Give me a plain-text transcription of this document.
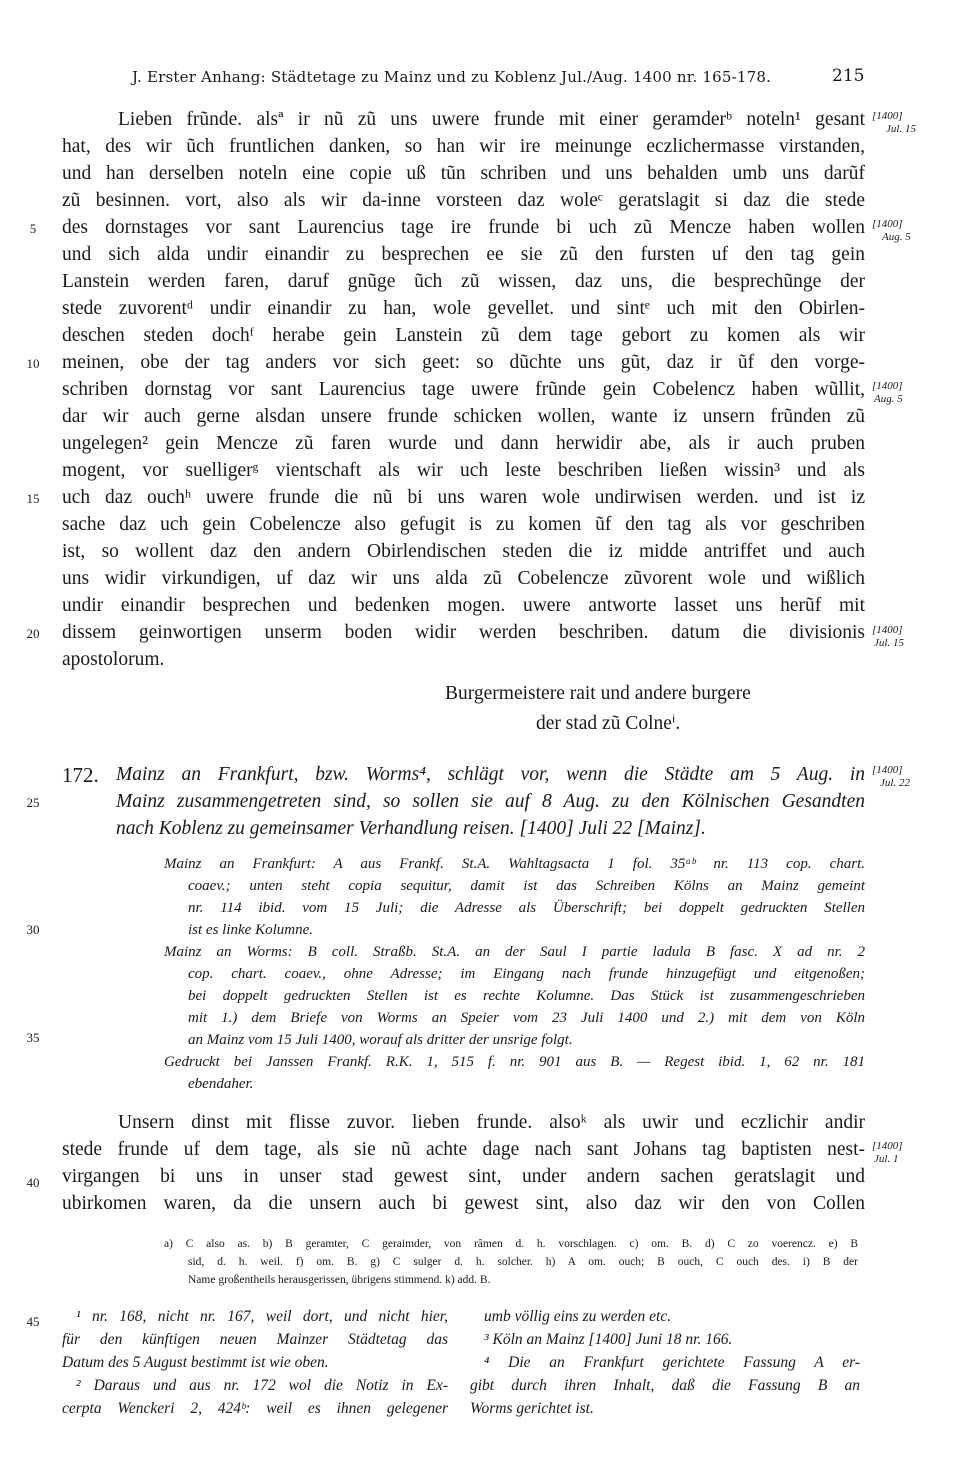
J. Erster Anhang: Städtetage zu Mainz und zu Koblenz Jul./Aug. 1400 nr. 165-178.	215
Lieben frũnde. alsª ir nũ zũ uns uwere frunde mit einer geramderᵇ noteln¹ gesant
hat, des wir ũch fruntlichen danken, so han wir ire meinunge eczlichermasse virstanden,
und han derselben noteln eine copie uß tũn schriben und uns behalden umb uns darũf
zũ besinnen. vort, also als wir da-inne vorsteen daz woleᶜ geratslagit si daz die stede
des dornstages vor sant Laurencius tage ire frunde bi uch zũ Mencze haben wollen
und sich alda undir einandir zu besprechen ee sie zũ den fursten uf den tag gein
Lanstein werden faren, daruf gnũge ũch zũ wissen, daz uns, die besprechũnge der
stede zuvorentᵈ undir einandir zu han, wole gevellet. und sintᵉ uch mit den Obirlen-
deschen steden dochᶠ herabe gein Lanstein zũ dem tage gebort zu komen als wir
meinen, obe der tag anders vor sich geet: so dũchte uns gũt, daz ir ũf den vorge-
schriben dornstag vor sant Laurencius tage uwere frũnde gein Cobelencz haben wũllit,
dar wir auch gerne alsdan unsere frunde schicken wollen, wante iz unsern frũnden zũ
ungelegen² gein Mencze zũ faren wurde und dann herwidir abe, als ir auch pruben
mogent, vor suelligerᵍ vientschaft als wir uch leste beschriben ließen wissin³ und als
uch daz ouchʰ uwere frunde die nũ bi uns waren wole undirwisen werden. und ist iz
sache daz uch gein Cobelencze also gefugit is zu komen ũf den tag als vor geschriben
ist, so wollent daz den andern Obirlendischen steden die iz midde antriffet und auch
uns widir virkundigen, uf daz wir uns alda zũ Cobelencze zũvorent wole und wißlich
undir einandir besprechen und bedenken mogen. uwere antworte lasset uns herũf mit
dissem geinwortigen unserm boden widir werden beschriben. datum die divisionis
apostolorum.
Burgermeistere rait und andere burgere
der stad zũ Colneⁱ.
5
10
15
20
25
30
35
40
45
[1400]
Jul. 15
[1400]
Aug. 5
[1400]
Aug. 5
[1400]
Jul. 15
[1400]
Jul. 22
[1400]
Jul. 1
172. Mainz an Frankfurt, bzw. Worms⁴, schlägt vor, wenn die Städte am 5 Aug. in
Mainz zusammengetreten sind, so sollen sie auf 8 Aug. zu den Kölnischen Gesandten
nach Koblenz zu gemeinsamer Verhandlung reisen. [1400] Juli 22 [Mainz].
Mainz an Frankfurt: A aus Frankf. St.A. Wahltagsacta 1 fol. 35ᵃᵇ nr. 113 cop. chart.
coaev.; unten steht copia sequitur, damit ist das Schreiben Kölns an Mainz gemeint
nr. 114 ibid. vom 15 Juli; die Adresse als Überschrift; bei doppelt gedruckten Stellen
ist es linke Kolumne.
Mainz an Worms: B coll. Straßb. St.A. an der Saul I partie ladula B fasc. X ad nr. 2
cop. chart. coaev., ohne Adresse; im Eingang nach frunde hinzugefügt und eitgenoßen;
bei doppelt gedruckten Stellen ist es rechte Kolumne. Das Stück ist zusammengeschrieben
mit 1.) dem Briefe von Worms an Speier vom 23 Juli 1400 und 2.) mit dem von Köln
an Mainz vom 15 Juli 1400, worauf als dritter der unsrige folgt.
Gedruckt bei Janssen Frankf. R.K. 1, 515 f. nr. 901 aus B. — Regest ibid. 1, 62 nr. 181
ebendaher.
Unsern dinst mit flisse zuvor. lieben frunde. alsoᵏ als uwir und eczlichir andir
stede frunde uf dem tage, als sie nũ achte dage nach sant Johans tag baptisten nest-
virgangen bi uns in unser stad gewest sint, under andern sachen geratslagit und
ubirkomen waren, da die unsern auch bi gewest sint, also daz wir den von Collen
a) C also as. b) B geramter, C geraimder, von râmen d. h. vorschlagen. c) om. B. d) C zo voerencz. e) B
sid, d. h. weil. f) om. B. g) C sulger d. h. solcher. h) A om. ouch; B ouch, C ouch des. i) B der
Name großentheils herausgerissen, übrigens stimmend. k) add. B.
¹ nr. 168, nicht nr. 167, weil dort, und nicht hier,
für den künftigen neuen Mainzer Städtetag das
Datum des 5 August bestimmt ist wie oben.
² Daraus und aus nr. 172 wol die Notiz in Ex-
cerpta Wenckeri 2, 424ᵇ: weil es ihnen gelegener
umb völlig eins zu werden etc.
³ Köln an Mainz [1400] Juni 18 nr. 166.
⁴ Die an Frankfurt gerichtete Fassung A er-
gibt durch ihren Inhalt, daß die Fassung B an
Worms gerichtet ist.
